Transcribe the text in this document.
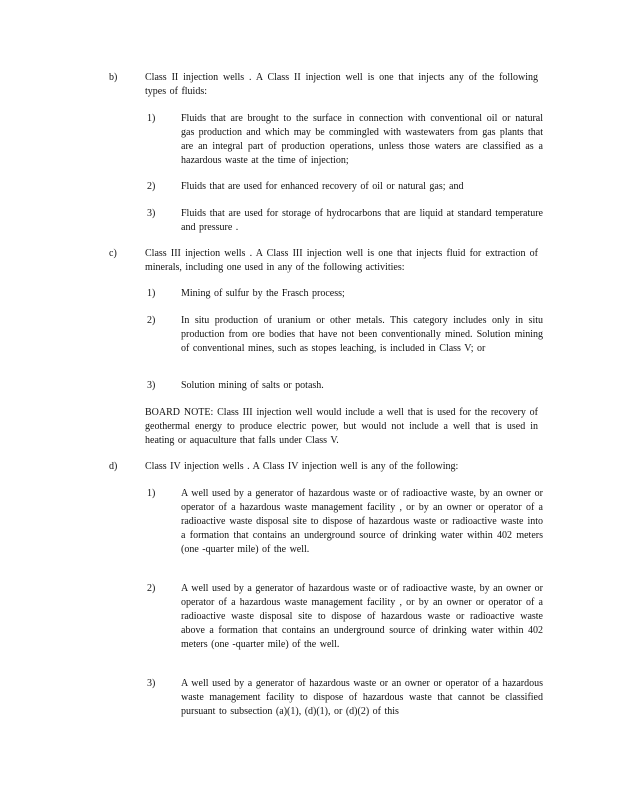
b)	Class II injection wells . A Class II injection well is one that injects any of the following types of fluids:

1)	Fluids that are brought to the surface in connection with conventional oil or natural gas production and which may be commingled with wastewaters from gas plants that are an integral part of production operations, unless those waters are classified as a hazardous waste at the time of injection;

2)	Fluids that are used for enhanced recovery of oil or natural gas; and

3)	Fluids that are used for storage of hydrocarbons that are liquid at standard temperature and pressure .

c)	Class III injection wells . A Class III injection well is one that injects fluid for extraction of minerals, including one used in any of the following activities:

1)	Mining of sulfur by the Frasch process;

2)	In situ production of uranium or other metals. This category includes only in situ production from ore bodies that have not been conventionally mined. Solution mining of conventional mines, such as stopes leaching, is included in Class V; or

3)	Solution mining of salts or potash.

BOARD NOTE: Class III injection well would include a well that is used for the recovery of geothermal energy to produce electric power, but would not include a well that is used in heating or aquaculture that falls under Class V.

d)	Class IV injection wells . A Class IV injection well is any of the following:

1)	A well used by a generator of hazardous waste or of radioactive waste, by an owner or operator of a hazardous waste management facility , or by an owner or operator of a radioactive waste disposal site to dispose of hazardous waste or radioactive waste into a formation that contains an underground source of drinking water within 402 meters (one -quarter mile) of the well.

2)	A well used by a generator of hazardous waste or of radioactive waste, by an owner or operator of a hazardous waste management facility , or by an owner or operator of a radioactive waste disposal site to dispose of hazardous waste or radioactive waste above a formation that contains an underground source of drinking water within 402 meters (one -quarter mile) of the well.

3)	A well used by a generator of hazardous waste or an owner or operator of a hazardous waste management facility to dispose of hazardous waste that cannot be classified pursuant to subsection (a)(1), (d)(1), or (d)(2) of this
